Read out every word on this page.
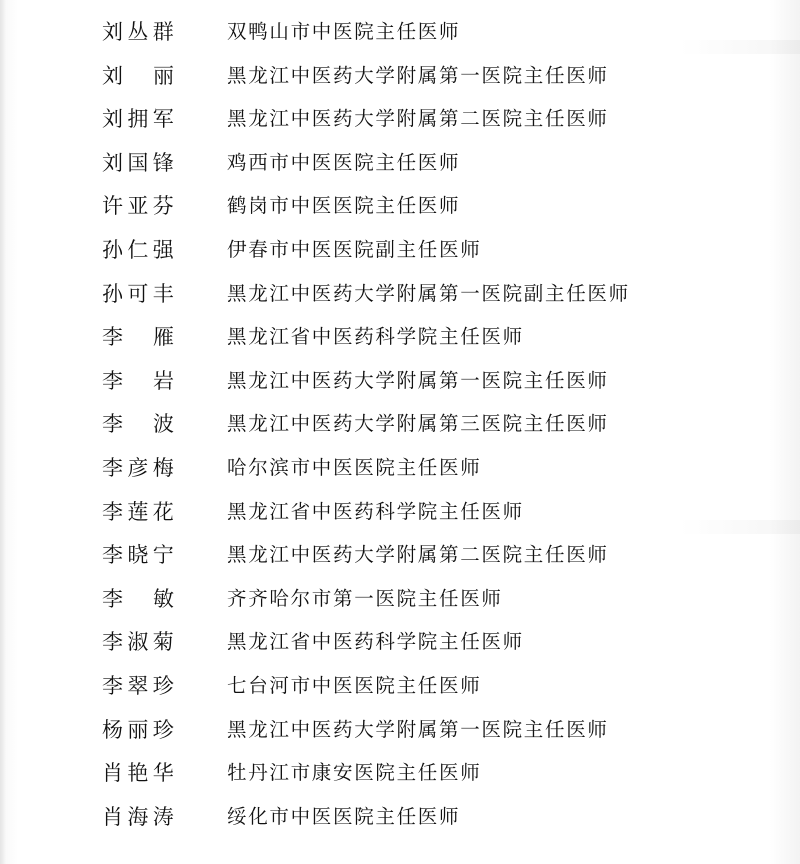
刘 丛 群	双鸭山市中医院主任医师
刘 丽	黑龙江中医药大学附属第一医院主任医师
刘 拥 军	黑龙江中医药大学附属第二医院主任医师
刘 国 锋	鸡西市中医医院主任医师
许 亚 芬	鹤岗市中医医院主任医师
孙 仁 强	伊春市中医医院副主任医师
孙 可 丰	黑龙江中医药大学附属第一医院副主任医师
李 雁	黑龙江省中医药科学院主任医师
李 岩	黑龙江中医药大学附属第一医院主任医师
李 波	黑龙江中医药大学附属第三医院主任医师
李 彦 梅	哈尔滨市中医医院主任医师
李 莲 花	黑龙江省中医药科学院主任医师
李 晓 宁	黑龙江中医药大学附属第二医院主任医师
李 敏	齐齐哈尔市第一医院主任医师
李 淑 菊	黑龙江省中医药科学院主任医师
李 翠 珍	七台河市中医医院主任医师
杨 丽 珍	黑龙江中医药大学附属第一医院主任医师
肖 艳 华	牡丹江市康安医院主任医师
肖 海 涛	绥化市中医医院主任医师
